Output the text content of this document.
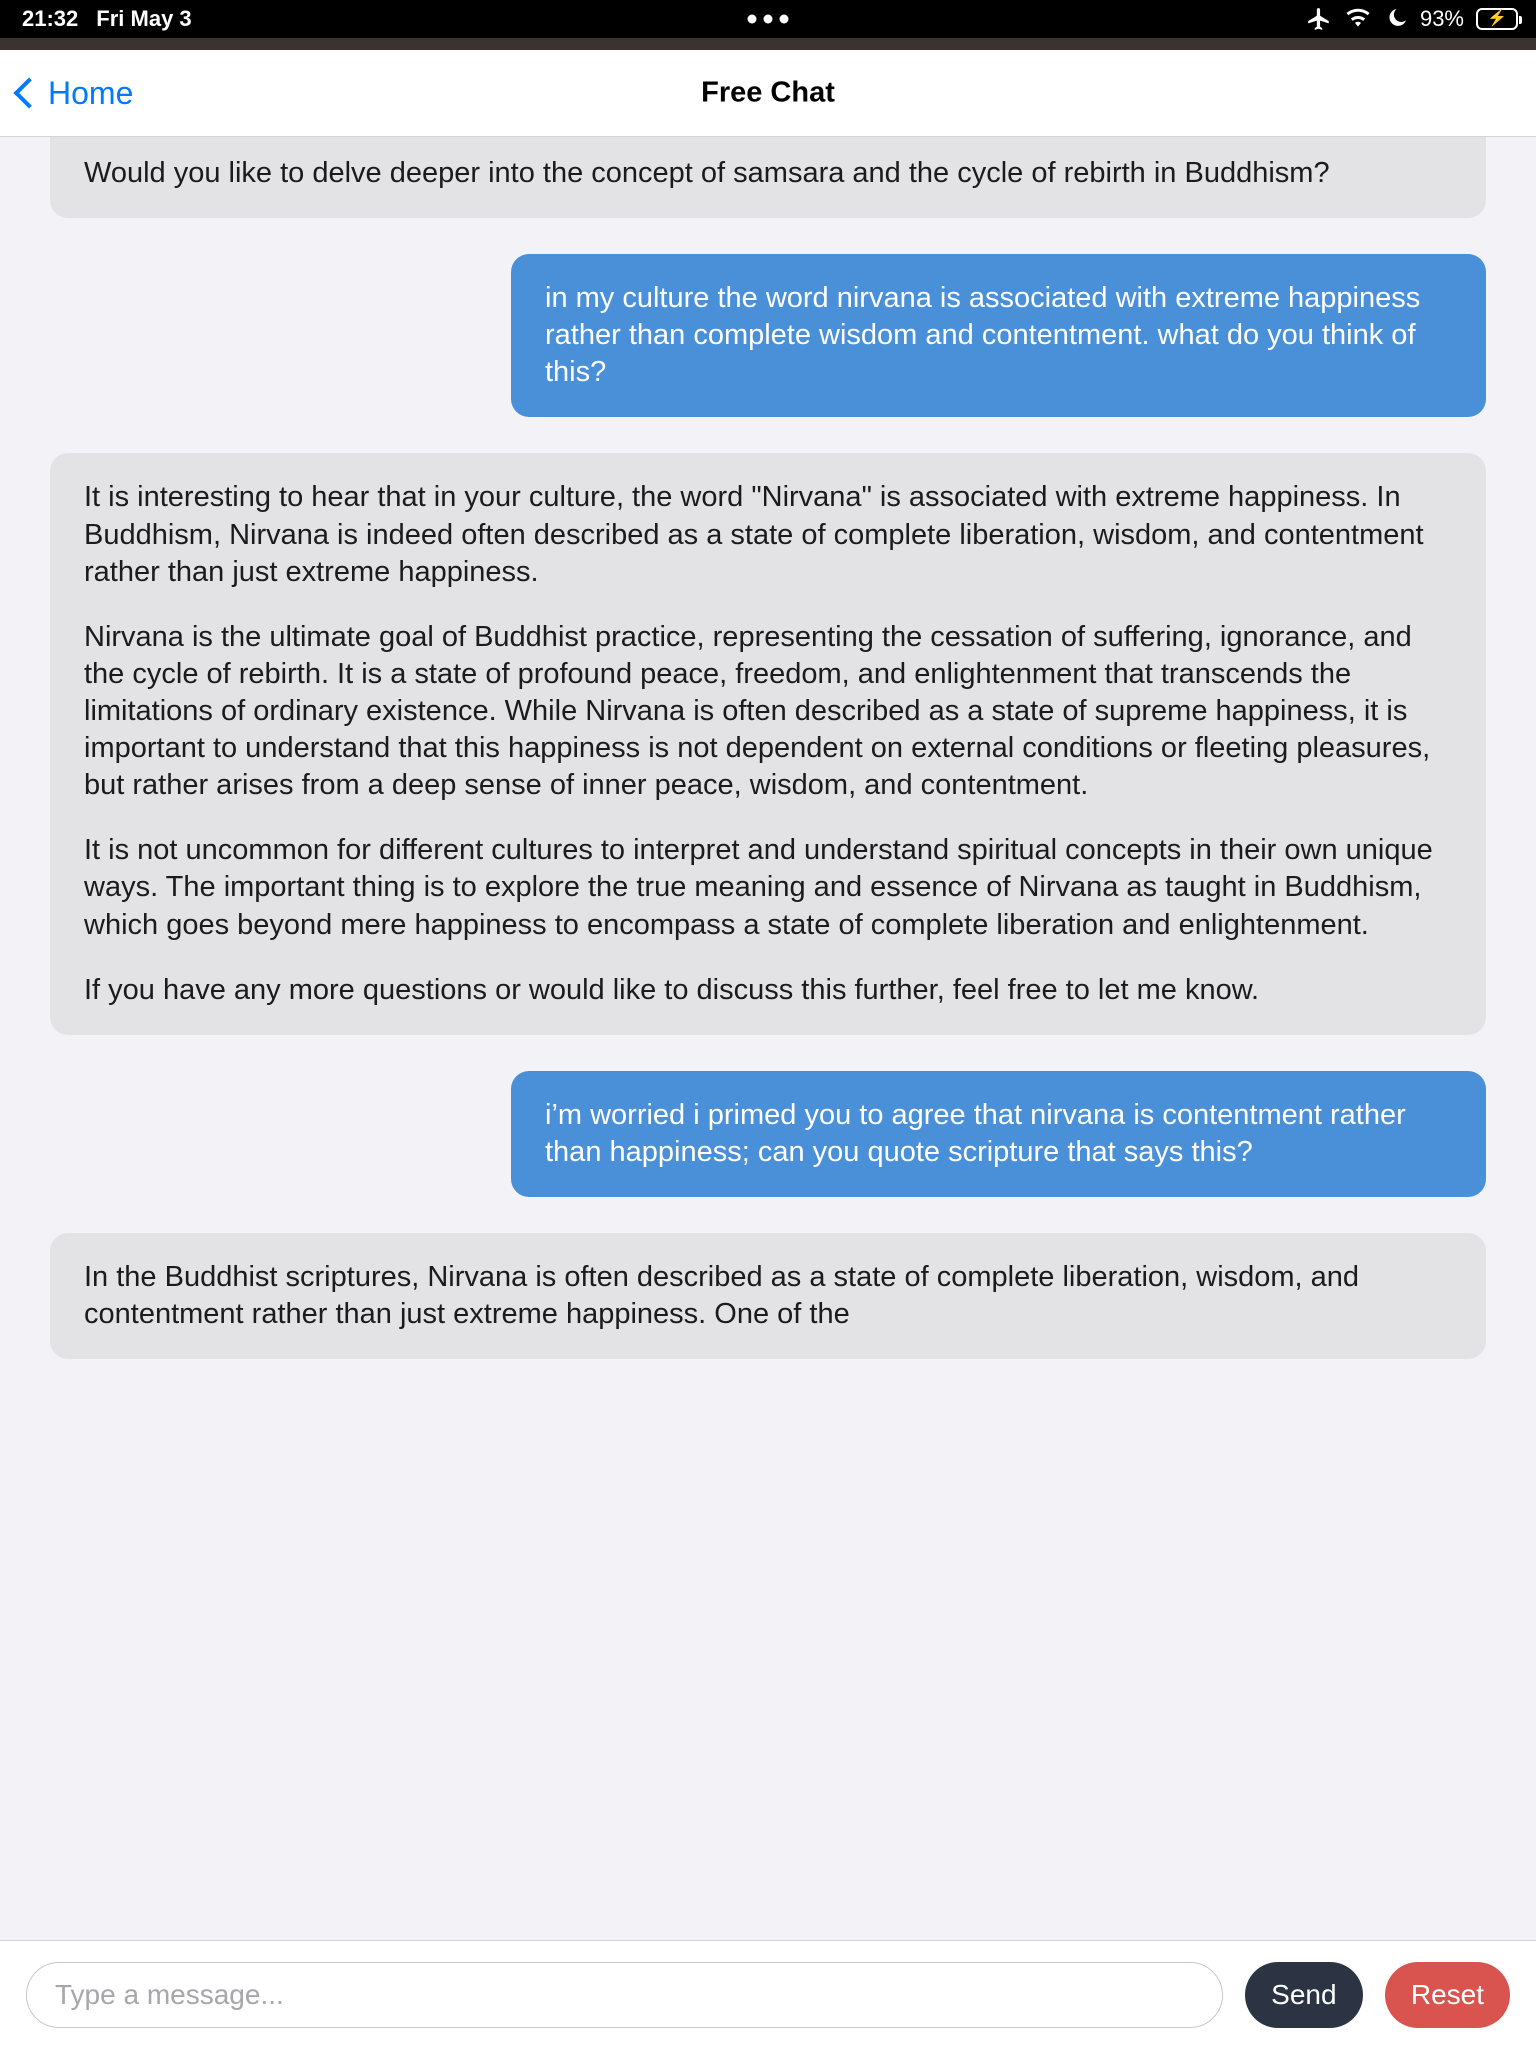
21:32 Fri May 3	93% ⚡
Home	Free Chat

Would you like to delve deeper into the concept of samsara and the cycle of rebirth in Buddhism?

in my culture the word nirvana is associated with extreme happiness rather than complete wisdom and contentment. what do you think of this?

It is interesting to hear that in your culture, the word "Nirvana" is associated with extreme happiness. In Buddhism, Nirvana is indeed often described as a state of complete liberation, wisdom, and contentment rather than just extreme happiness.

Nirvana is the ultimate goal of Buddhist practice, representing the cessation of suffering, ignorance, and the cycle of rebirth. It is a state of profound peace, freedom, and enlightenment that transcends the limitations of ordinary existence. While Nirvana is often described as a state of supreme happiness, it is important to understand that this happiness is not dependent on external conditions or fleeting pleasures, but rather arises from a deep sense of inner peace, wisdom, and contentment.

It is not uncommon for different cultures to interpret and understand spiritual concepts in their own unique ways. The important thing is to explore the true meaning and essence of Nirvana as taught in Buddhism, which goes beyond mere happiness to encompass a state of complete liberation and enlightenment.

If you have any more questions or would like to discuss this further, feel free to let me know.

i’m worried i primed you to agree that nirvana is contentment rather than happiness; can you quote scripture that says this?

In the Buddhist scriptures, Nirvana is often described as a state of complete liberation, wisdom, and contentment rather than just extreme happiness. One of the

Type a message...
Send	Reset
